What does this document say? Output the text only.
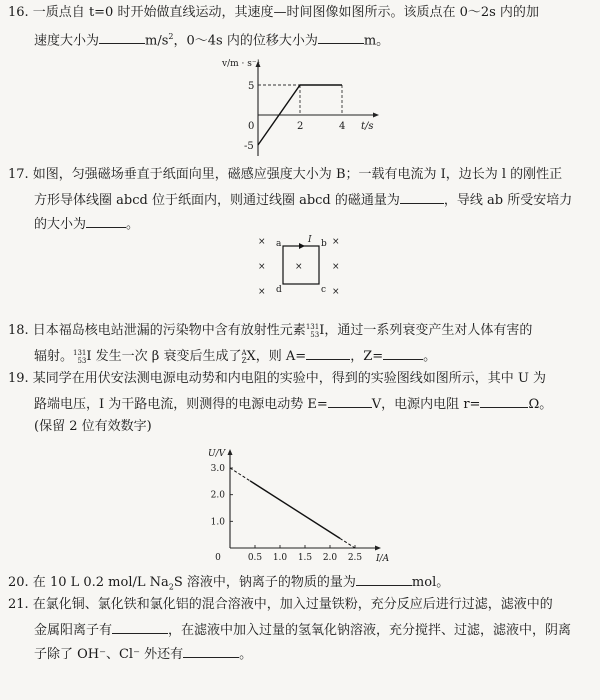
16. 一质点自 t=0 时开始做直线运动，其速度—时间图像如图所示。该质点在 0～2s 内的加
速度大小为	$m/s^2$，0～4s 内的位移大小为	m。
v/m · s⁻¹
t/s
0
5
-5
2	4
17. 如图，匀强磁场垂直于纸面向里，磁感应强度大小为 B；一载有电流为 I，边长为 l 的刚性正
方形导体线圈 abcd 位于纸面内，则通过线圈 abcd 的磁通量为	，导线 ab 所受安培力
的大小为	。
×	×
×	×	×
×	×
a	b
c
d
I
18. 日本福岛核电站泄漏的污染物中含有放射性元素 131
53 I，通过一系列衰变产生对人体有害的
辐射。 131
53 I 发生一次 β 衰变后生成了 A
Z X，则 A=	，Z=	。
19. 某同学在用伏安法测电源电动势和内电阻的实验中，得到的实验图线如图所示，其中 U 为
路端电压，I 为干路电流，则测得的电源电动势 E=	V，电源内电阻 r=	Ω。
(保留 2 位有效数字)
U/V
I/A
0	0.5 1.0 1.5 2.0 2.5
1.0
2.0
3.0
20. 在 10 L 0.2 mol/L $Na_2S$ 溶液中，钠离子的物质的量为	mol。
21. 在氯化铜、氯化铁和氯化铝的混合溶液中，加入过量铁粉，充分反应后进行过滤，滤液中的
金属阳离子有	，在滤液中加入过量的氢氧化钠溶液，充分搅拌、过滤，滤液中，阴离
子除了 OH⁻、Cl⁻ 外还有	。
